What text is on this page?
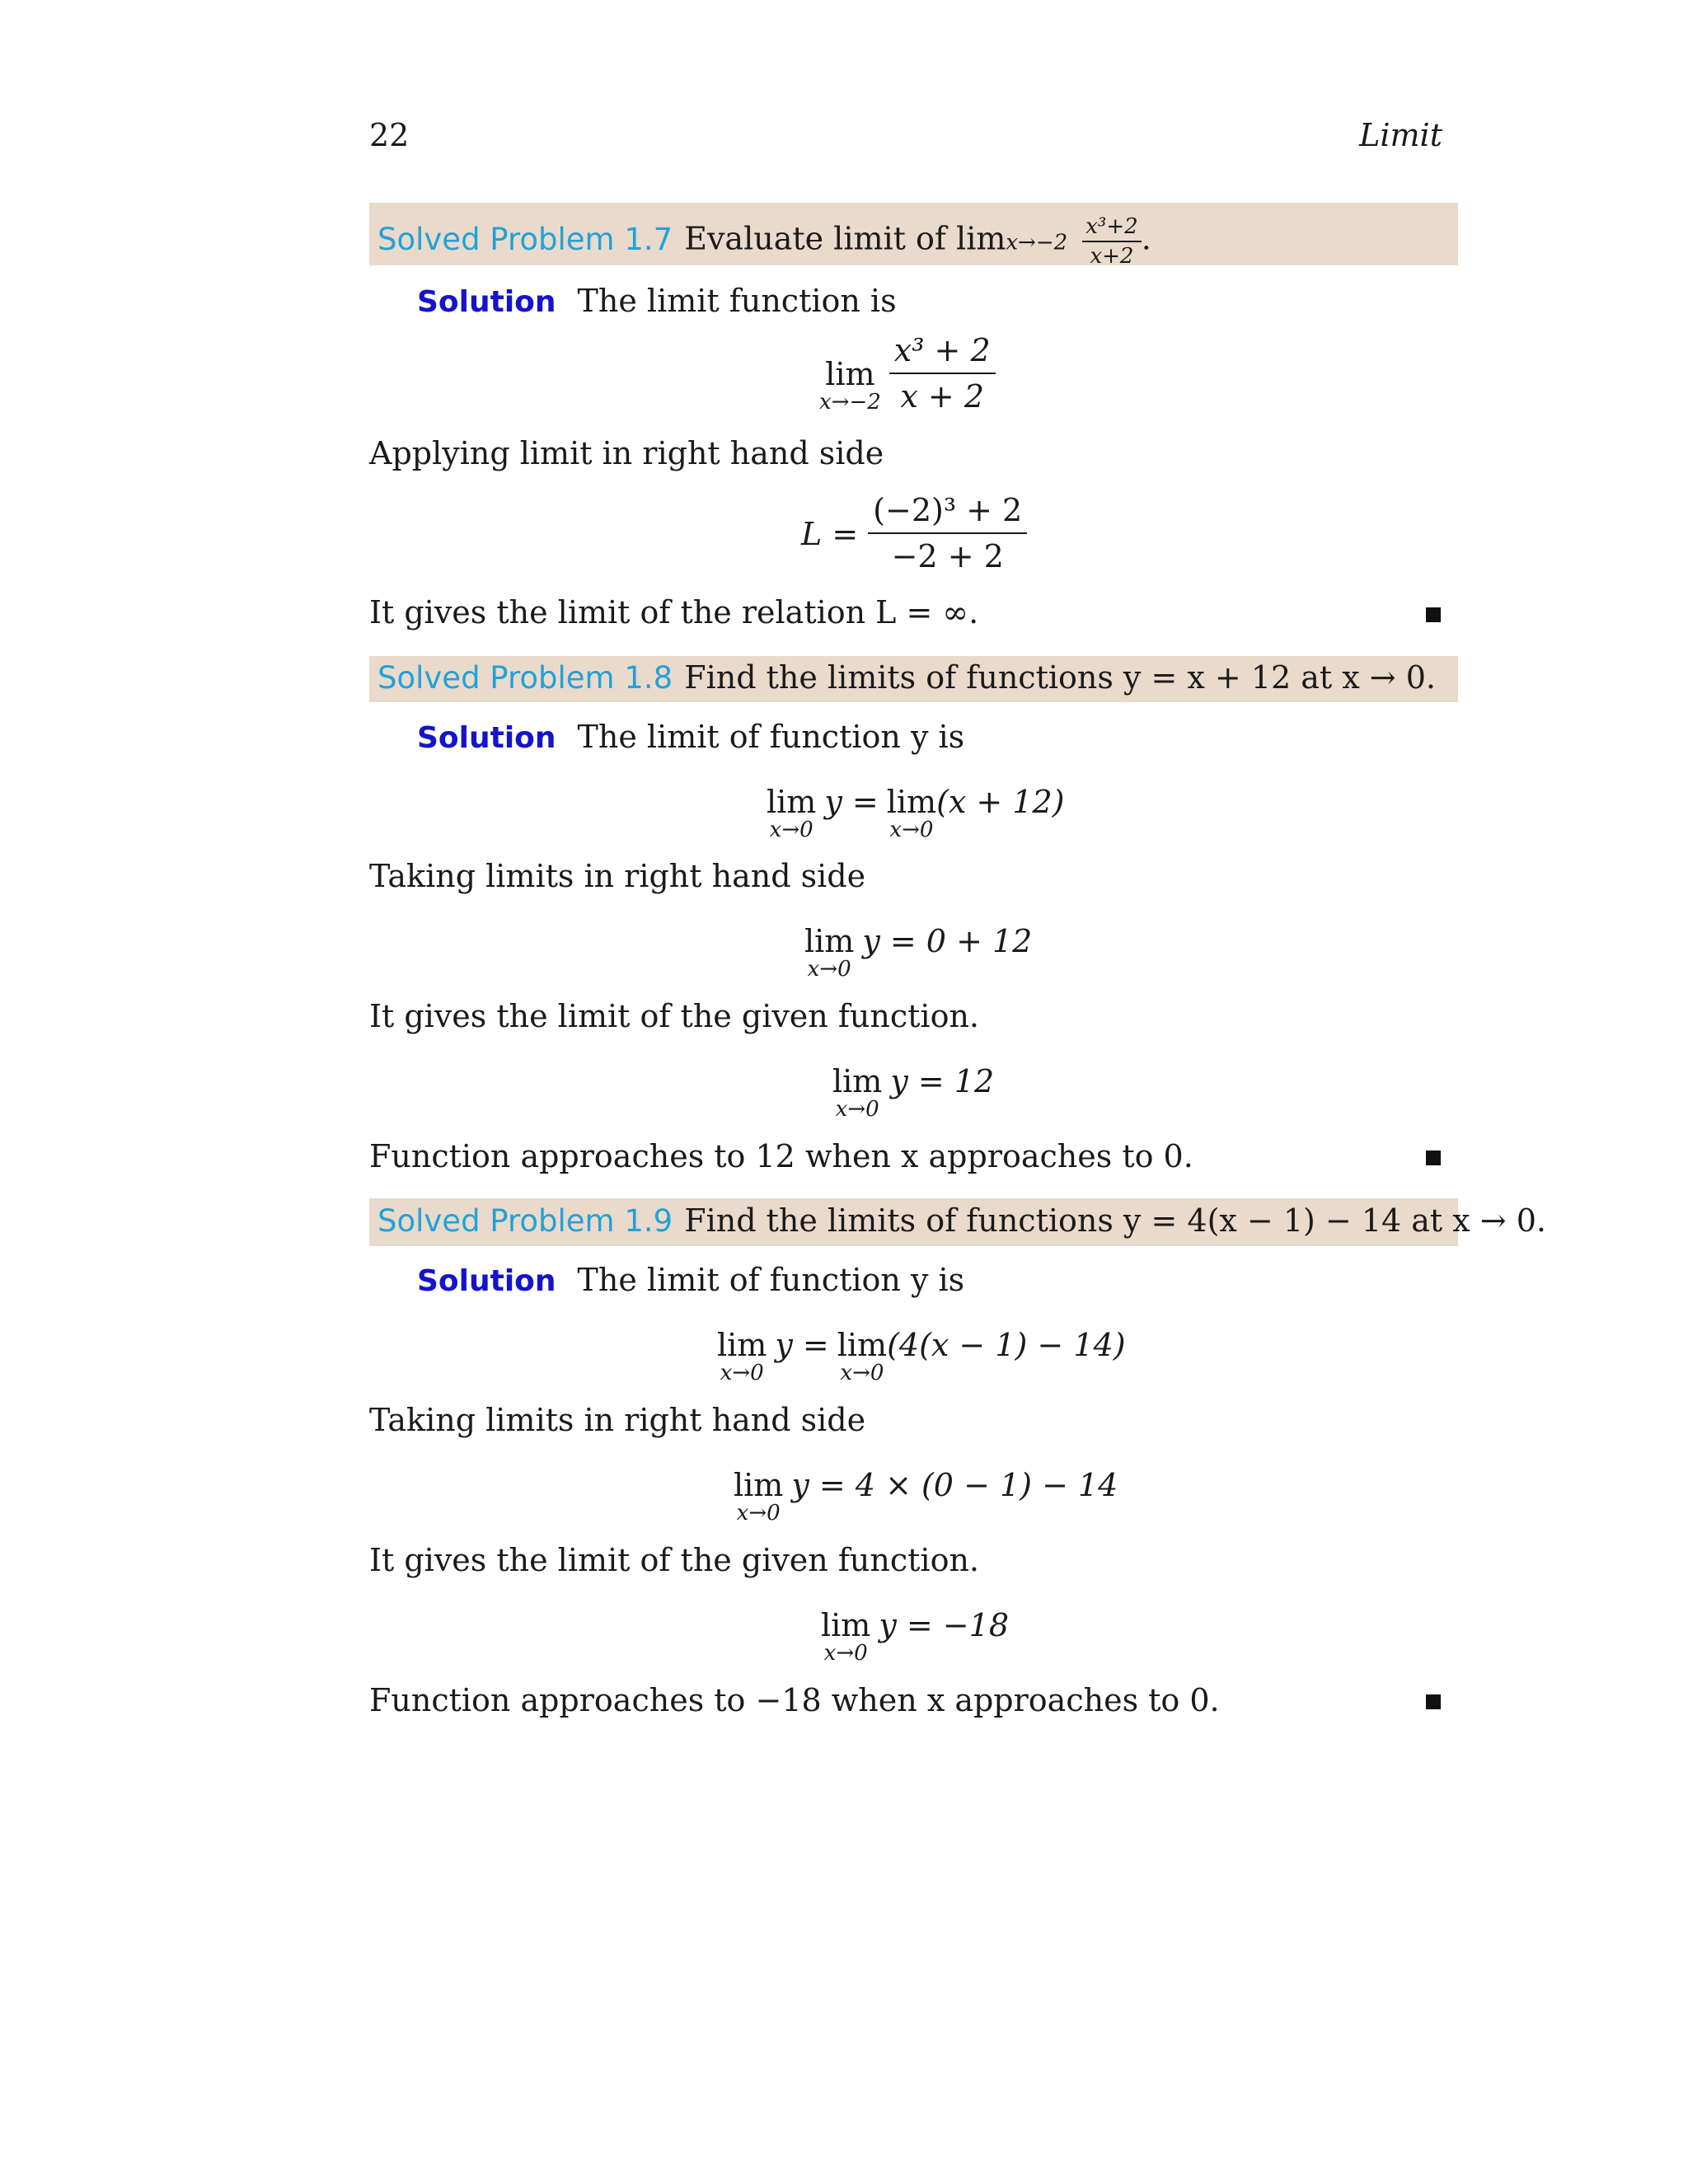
22	Limit
Solved Problem 1.7 Evaluate limit of $\lim x\to-2 \frac{\text{x³+2}}{x+2}$ .
Solution The limit function is
lim
$x\to-2 \frac{\text{x³ + 2}}{x + 2}$
Applying limit in right hand side
$L = \frac{\text{(−2)³ + 2}}{-2 + 2}$
It gives the limit of the relation L = ∞.
Solved Problem 1.8 Find the limits of functions y = x + 12 at x → 0.
Solution The limit of function y is
lim
x→0
y = lim
x→0
(x + 12)
Taking limits in right hand side
lim
x→0
y = 0 + 12
It gives the limit of the given function.
lim
x→0
y = 12
Function approaches to 12 when x approaches to 0.
Solved Problem 1.9 Find the limits of functions y = 4(x − 1) − 14 at x → 0.
Solution The limit of function y is
lim
x→0
y = lim
x→0
(4(x − 1) − 14)
Taking limits in right hand side
lim
x→0
y = 4 × (0 − 1) − 14
It gives the limit of the given function.
lim
x→0
y = −18
Function approaches to −18 when x approaches to 0.
